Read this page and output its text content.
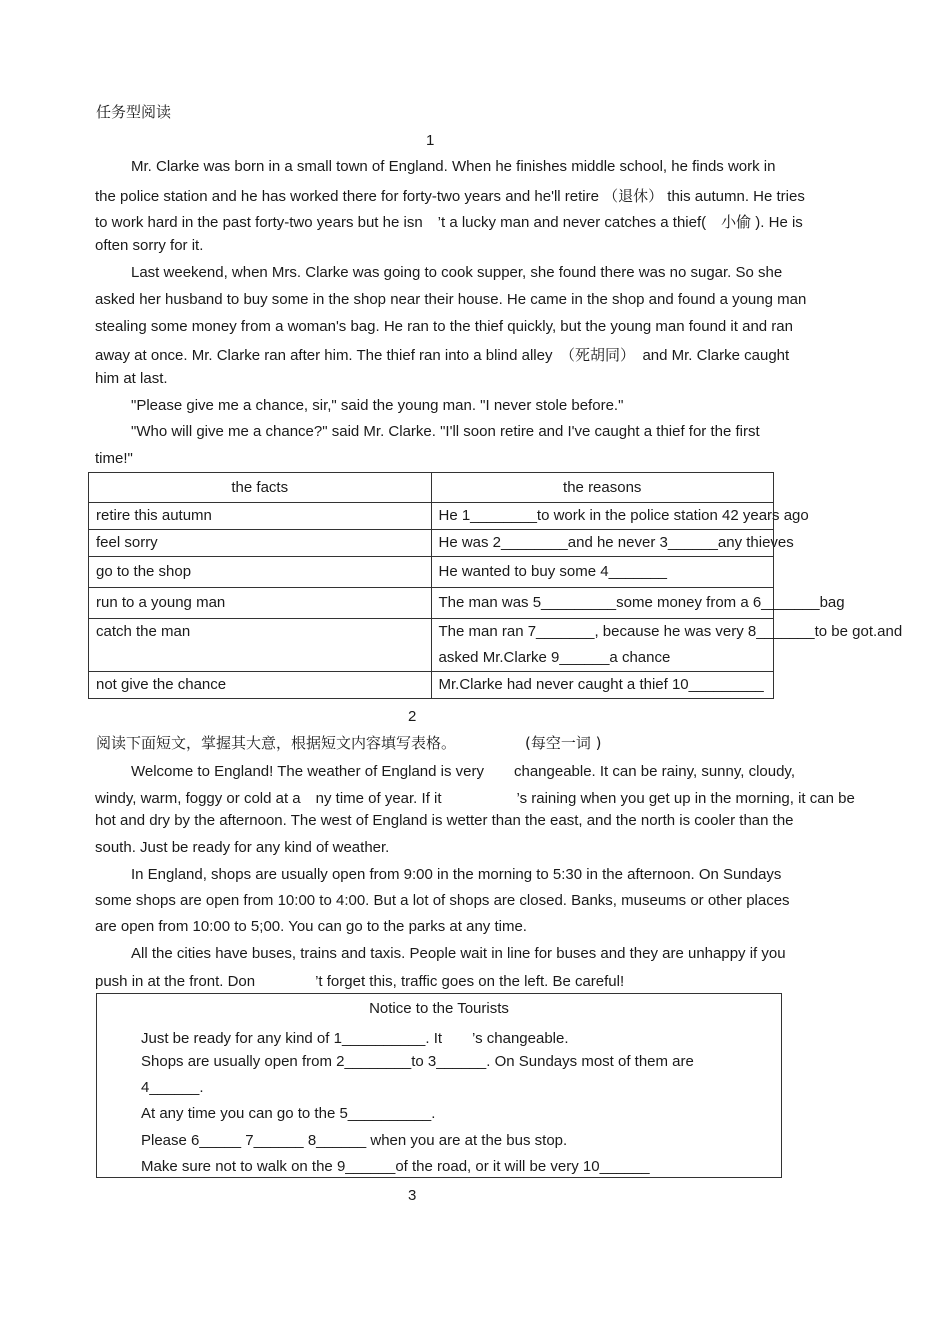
任务型阅读
1
Mr. Clarke was born in a small town of England. When he finishes middle school, he finds work in
the police station and he has worked there for forty-two years and he'll retire （退休） this autumn. He tries
to work hard in the past forty-two years but he isn　’t a lucky man and never catches a thief(　小偷 ). He is
often sorry for it.
Last weekend, when Mrs. Clarke was going to cook supper, she found there was no sugar. So she
asked her husband to buy some in the shop near their house. He came in the shop and found a young man
stealing some money from a woman's bag. He ran to the thief quickly, but the young man found it and ran
away at once. Mr. Clarke ran after him. The thief ran into a blind alley　（死胡同）　and Mr. Clarke caught
him at last.
"Please give me a chance, sir," said the young man. "I never stole before."
"Who will give me a chance?" said Mr. Clarke. "I'll soon retire and I've caught a thief for the first
time!"
the facts	the reasons
retire this autumn	He 1________to work in the police station 42 years ago
feel sorry	He was 2________and he never 3______any thieves
go to the shop	He wanted to buy some 4_______
run to a young man	The man was 5_________some money from a 6_______bag
catch the man	The man ran 7_______, because he was very 8_______to be got.and
asked Mr.Clarke 9______a chance

not give the chance	Mr.Clarke had never caught a thief 10_________
2
阅读下面短文，掌握其大意，根据短文内容填写表格。	(每空一词 )
Welcome to England! The weather of England is very　　changeable. It can be rainy, sunny, cloudy,
windy, warm, foggy or cold at a　ny time of year. If it　　　　　’s raining when you get up in the morning, it can be
hot and dry by the afternoon. The west of England is wetter than the east, and the north is cooler than the
south. Just be ready for any kind of weather.
In England, shops are usually open from 9:00 in the morning to 5:30 in the afternoon. On Sundays
some shops are open from 10:00 to 4:00. But a lot of shops are closed. Banks, museums or other places
are open from 10:00 to 5;00. You can go to the parks at any time.
All the cities have buses, trains and taxis. People wait in line for buses and they are unhappy if you
push in at the front. Don　　　　’t forget this, traffic goes on the left. Be careful!
Notice to the Tourists
Just be ready for any kind of 1__________. It　　’s changeable.
Shops are usually open from 2________to 3______. On Sundays most of them are
4______.
At any time you can go to the 5__________.
Please 6_____ 7______ 8______ when you are at the bus stop.
Make sure not to walk on the 9______of the road, or it will be very 10______
3
